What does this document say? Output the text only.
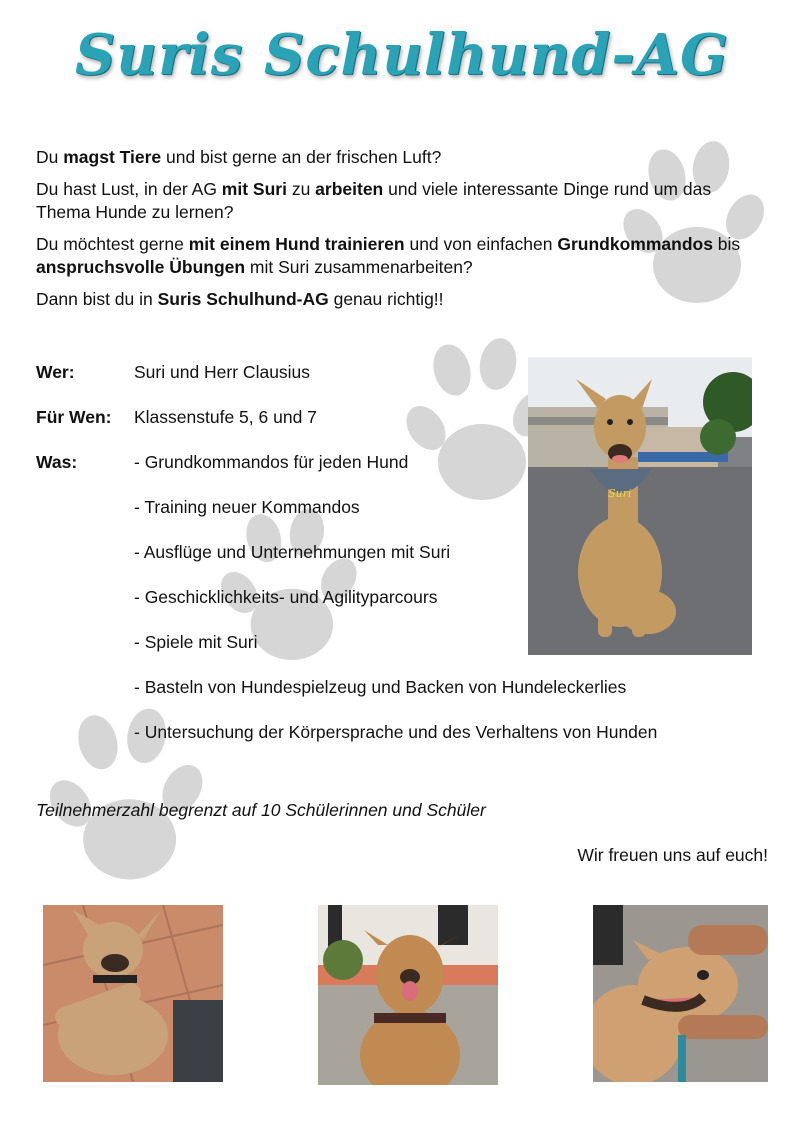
Suris Schulhund-AG

Du magst Tiere und bist gerne an der frischen Luft?

Du hast Lust, in der AG mit Suri zu arbeiten und viele interessante Dinge rund um das Thema Hunde zu lernen?

Du möchtest gerne mit einem Hund trainieren und von einfachen Grundkommandos bis anspruchsvolle Übungen mit Suri zusammenarbeiten?

Dann bist du in Suris Schulhund-AG genau richtig!!

Wer:	Suri und Herr Clausius
Für Wen: Klassenstufe 5, 6 und 7
Was:	- Grundkommandos für jeden Hund
- Training neuer Kommandos
- Ausflüge und Unternehmungen mit Suri
- Geschicklichkeits- und Agilityparcours
- Spiele mit Suri
- Basteln von Hundespielzeug und Backen von Hundeleckerlies
- Untersuchung der Körpersprache und des Verhaltens von Hunden
Suri
Teilnehmerzahl begrenzt auf 10 Schülerinnen und Schüler
Wir freuen uns auf euch!
